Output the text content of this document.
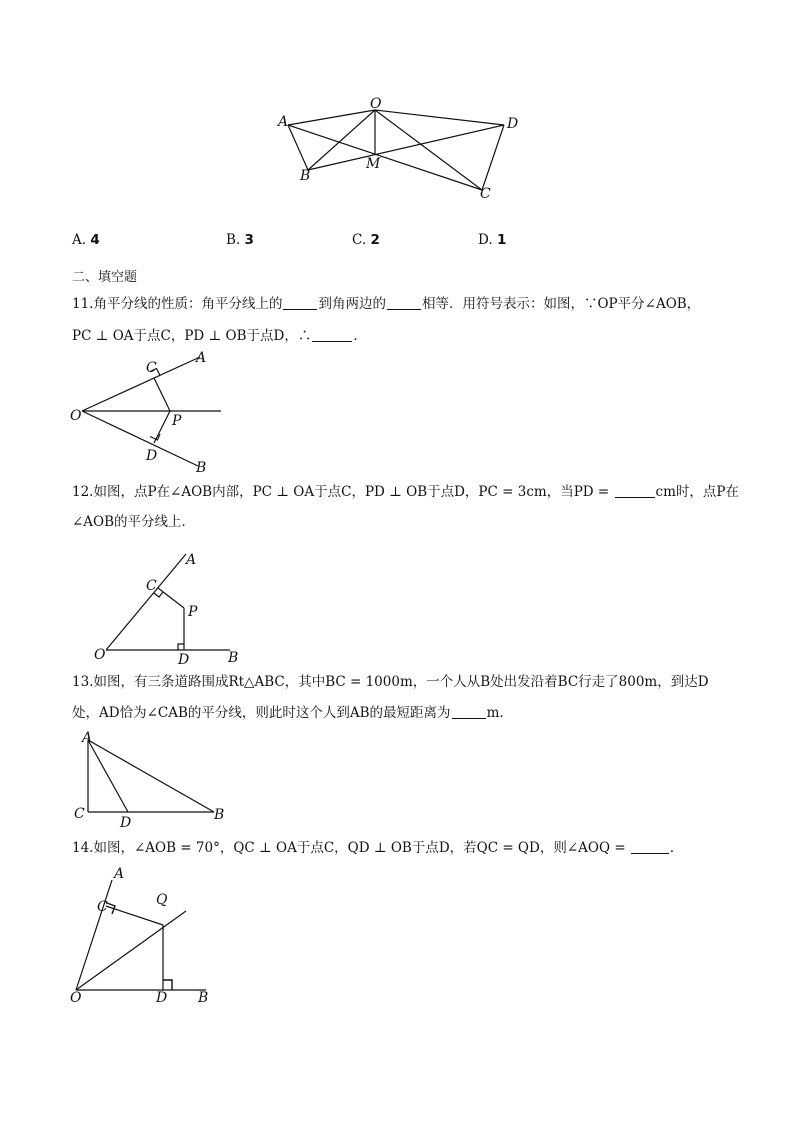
O
A	D
B
M
C
A. 4	B. 3	C. 2	D. 1
二、填空题
11.角平分线的性质：角平分线上的	到角两边的	相等．用符号表示：如图，∵OP平分∠AOB，
PC ⊥ OA于点C，PD ⊥ OB于点D，∴	．
C
A
O	P
D
B
12.如图，点P在∠AOB内部，PC ⊥ OA于点C，PD ⊥ OB于点D，PC = 3cm，当PD =	cm时，点P在
∠AOB的平分线上．
A
C
P
O	D	B
13.如图，有三条道路围成Rt△ABC，其中BC = 1000m，一个人从B处出发沿着BC行走了800m，到达D
处，AD恰为∠CAB的平分线，则此时这个人到AB的最短距离为	m.
A
C
D	B
14.如图，∠AOB = 70°，QC ⊥ OA于点C，QD ⊥ OB于点D，若QC = QD，则∠AOQ =	．
A
C	Q
O	D B
